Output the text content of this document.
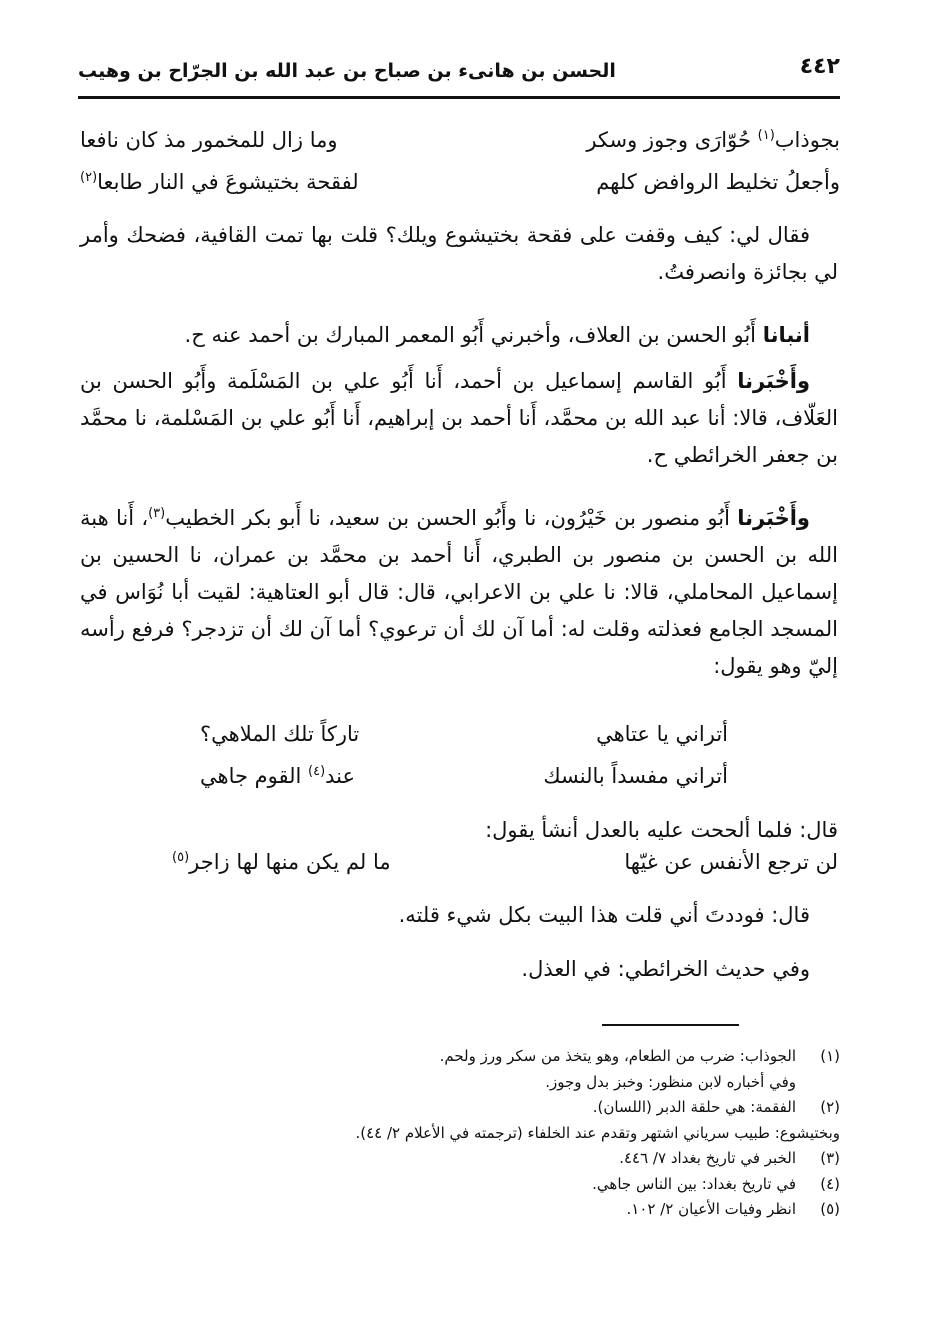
٤٤٢
الحسن بن هانىء بن صباح بن عبد الله بن الجرّاح بن وهيب
بجوذاب$^{(١)}$ حُوّارَى وجوز وسكر
وما زال للمخمور مذ كان نافعا
وأجعلُ تخليط الروافض كلهم
لفقحة بختيشوعَ في النار طابعا$^{(٢)}$

فقال لي: كيف وقفت على فقحة بختيشوع ويلك؟ قلت بها تمت القافية، فضحك وأمر لي بجائزة وانصرفتُ.

أنبانا أَبُو الحسن بن العلاف، وأخبرني أَبُو المعمر المبارك بن أحمد عنه ح.

وأَخْبَرنا أَبُو القاسم إسماعيل بن أحمد، أَنا أَبُو علي بن المَسْلَمة وأَبُو الحسن بن العَلّاف، قالا: أنا عبد الله بن محمَّد، أَنا أحمد بن إبراهيم، أَنا أَبُو علي بن المَسْلمة، نا محمَّد بن جعفر الخرائطي ح.

وأَخْبَرنا أَبُو منصور بن خَيْرُون، نا وأَبُو الحسن بن سعيد، نا أَبو بكر الخطيب$^{(٣)}$، أَنا هبة الله بن الحسن بن منصور بن الطبري، أَنا أحمد بن محمَّد بن عمران، نا الحسين بن إسماعيل المحاملي، قالا: نا علي بن الاعرابي، قال: قال أبو العتاهية: لقيت أبا نُوَاس في المسجد الجامع فعذلته وقلت له: أما آن لك أن ترعوي؟ أما آن لك أن تزدجر؟ فرفع رأسه إليّ وهو يقول:

أتراني يا عتاهي
تاركاً تلك الملاهي؟
أتراني مفسداً بالنسك
عند$^{(٤)}$ القوم جاهي

قال: فلما ألححت عليه بالعدل أنشأ يقول:

لن ترجع الأنفس عن غيّها
ما لم يكن منها لها زاجر$^{(٥)}$

قال: فوددتَ أني قلت هذا البيت بكل شيء قلته.

وفي حديث الخرائطي: في العذل.

(١)
الجوذاب: ضرب من الطعام، وهو يتخذ من سكر ورز ولحم.
وفي أخباره لابن منظور: وخبز بدل وجوز.
(٢)
الفقمة: هي حلقة الدبر (اللسان).
وبختيشوع: طبيب سرياني اشتهر وتقدم عند الخلفاء (ترجمته في الأعلام ٢/ ٤٤).
(٣)
الخبر في تاريخ بغداد ٧/ ٤٤٦.
(٤)
في تاريخ بغداد: بين الناس جاهي.
(٥)
انظر وفيات الأعيان ٢/ ١٠٢.
